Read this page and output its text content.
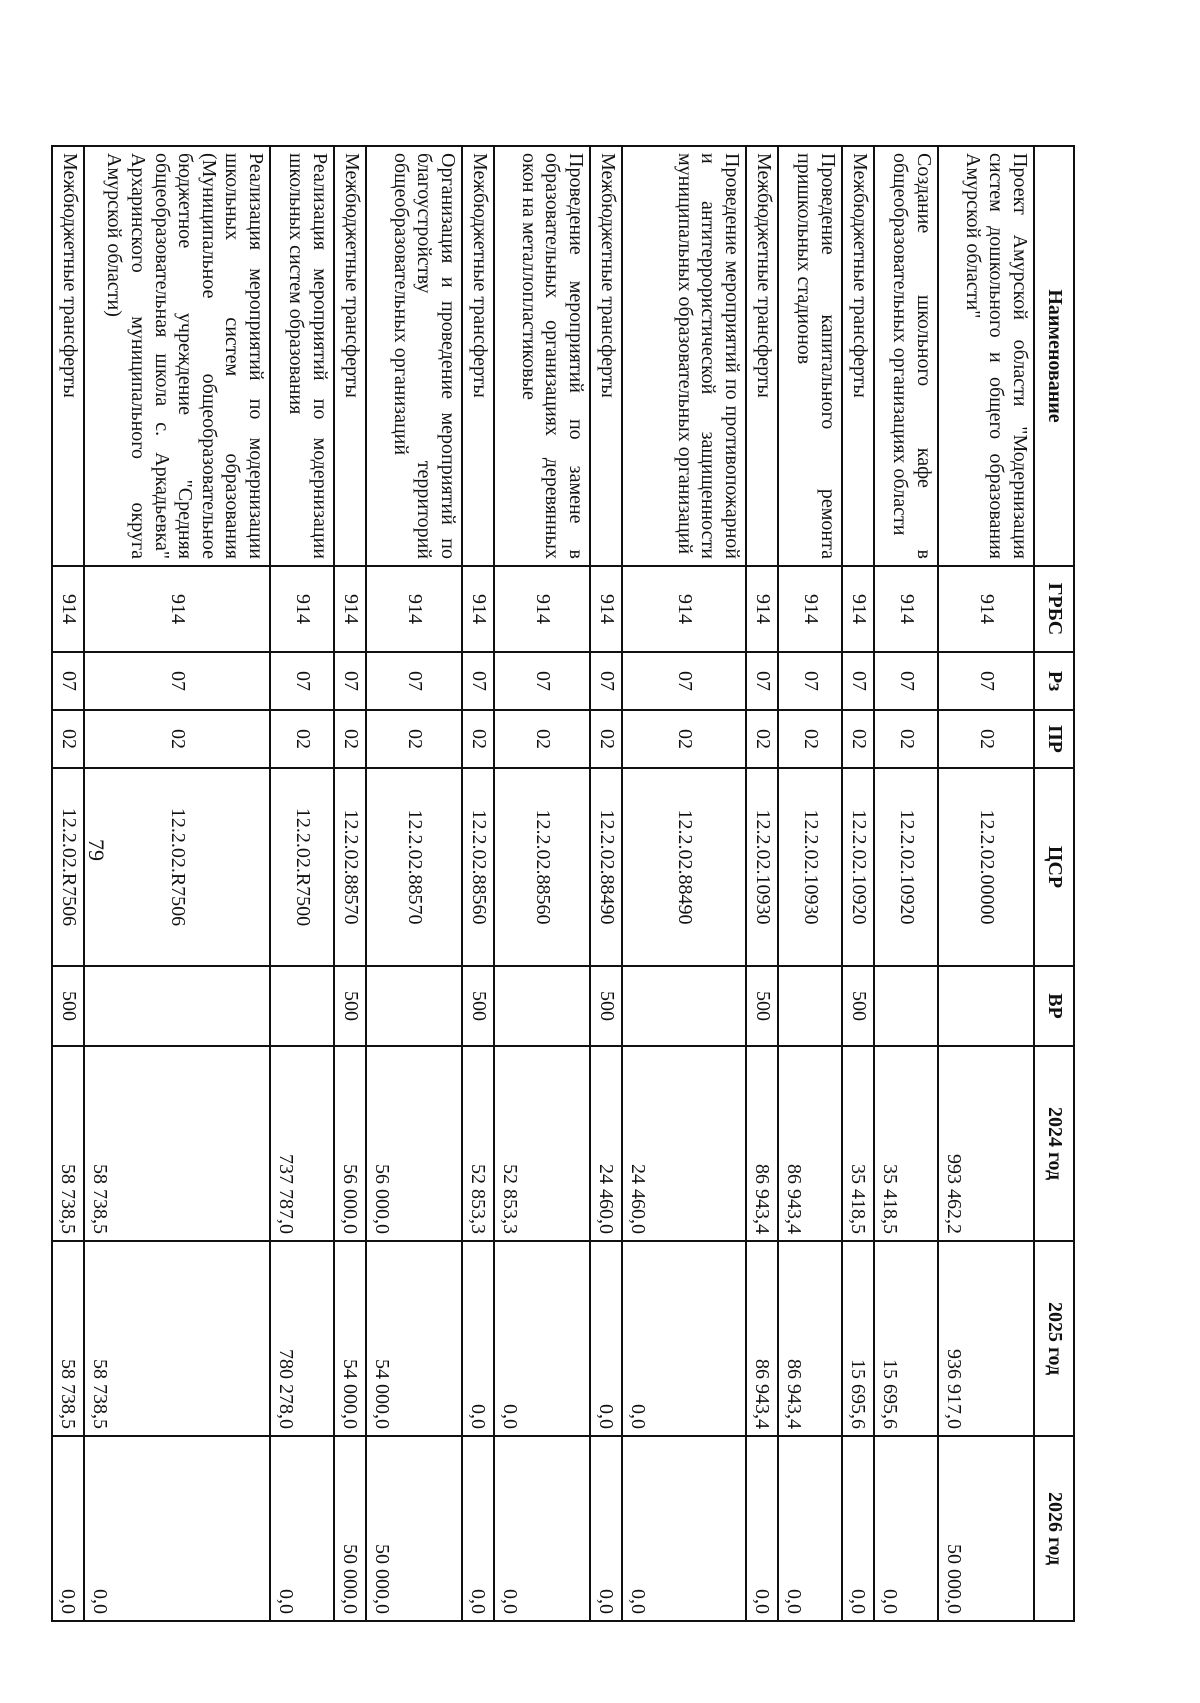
79
Наименование	ГРБС	Рз	ПР	ЦСР	ВР	2024 год	2025 год	2026 год
Проект Амурской области "Модернизация систем дошкольного и общего образования Амурской области"	914	07	02	12.2.02.00000		993 462,2	936 917,0	50 000,0
Создание школьного кафе в общеобразовательных организациях области	914	07	02	12.2.02.10920		35 418,5	15 695,6	0,0
Межбюджетные трансферты	914	07	02	12.2.02.10920	500	35 418,5	15 695,6	0,0
Проведение капитального ремонта пришкольных стадионов	914	07	02	12.2.02.10930		86 943,4	86 943,4	0,0
Межбюджетные трансферты	914	07	02	12.2.02.10930	500	86 943,4	86 943,4	0,0
Проведение мероприятий по противопожарной и антитеррористической защищенности муниципальных образовательных организаций	914	07	02	12.2.02.88490		24 460,0	0,0	0,0
Межбюджетные трансферты	914	07	02	12.2.02.88490	500	24 460,0	0,0	0,0
Проведение мероприятий по замене в образовательных организациях деревянных окон на металлопластиковые	914	07	02	12.2.02.88560		52 853,3	0,0	0,0
Межбюджетные трансферты	914	07	02	12.2.02.88560	500	52 853,3	0,0	0,0
Организация и проведение мероприятий по благоустройству территорий общеобразовательных организаций	914	07	02	12.2.02.88570		56 000,0	54 000,0	50 000,0
Межбюджетные трансферты	914	07	02	12.2.02.88570	500	56 000,0	54 000,0	50 000,0
Реализация мероприятий по модернизации школьных систем образования	914	07	02	12.2.02.R7500		737 787,0	780 278,0	0,0
Реализация мероприятий по модернизации школьных систем образования (Муниципальное общеобразовательное бюджетное учреждение "Средняя общеобразовательная школа с. Аркадьевка" Архаринского муниципального округа Амурской области)	914	07	02	12.2.02.R7506		58 738,5	58 738,5	0,0
Межбюджетные трансферты	914	07	02	12.2.02.R7506	500	58 738,5	58 738,5	0,0
